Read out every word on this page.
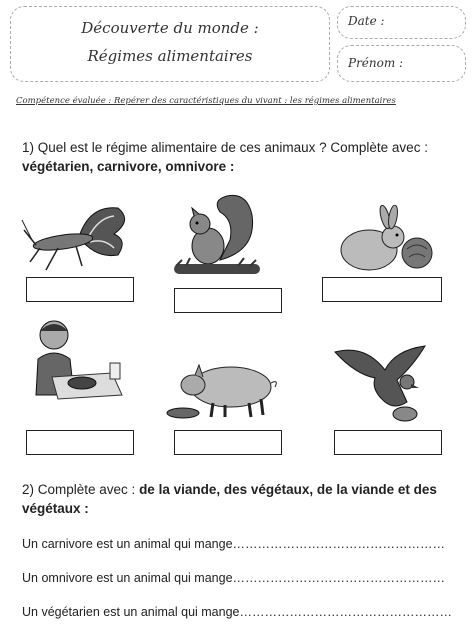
Découverte du monde :
Régimes alimentaires
Date :
Prénom :
Compétence évaluée : Repérer des caractéristiques du vivant : les régimes alimentaires
1) Quel est le régime alimentaire de ces animaux ? Complète avec :
végétarien, carnivore, omnivore :
2) Complète avec : de la viande, des végétaux, de la viande et des végétaux :
Un carnivore est un animal qui mange……………………………………………
Un omnivore est un animal qui mange……………………………………………
Un végétarien est un animal qui mange……………………………………………
